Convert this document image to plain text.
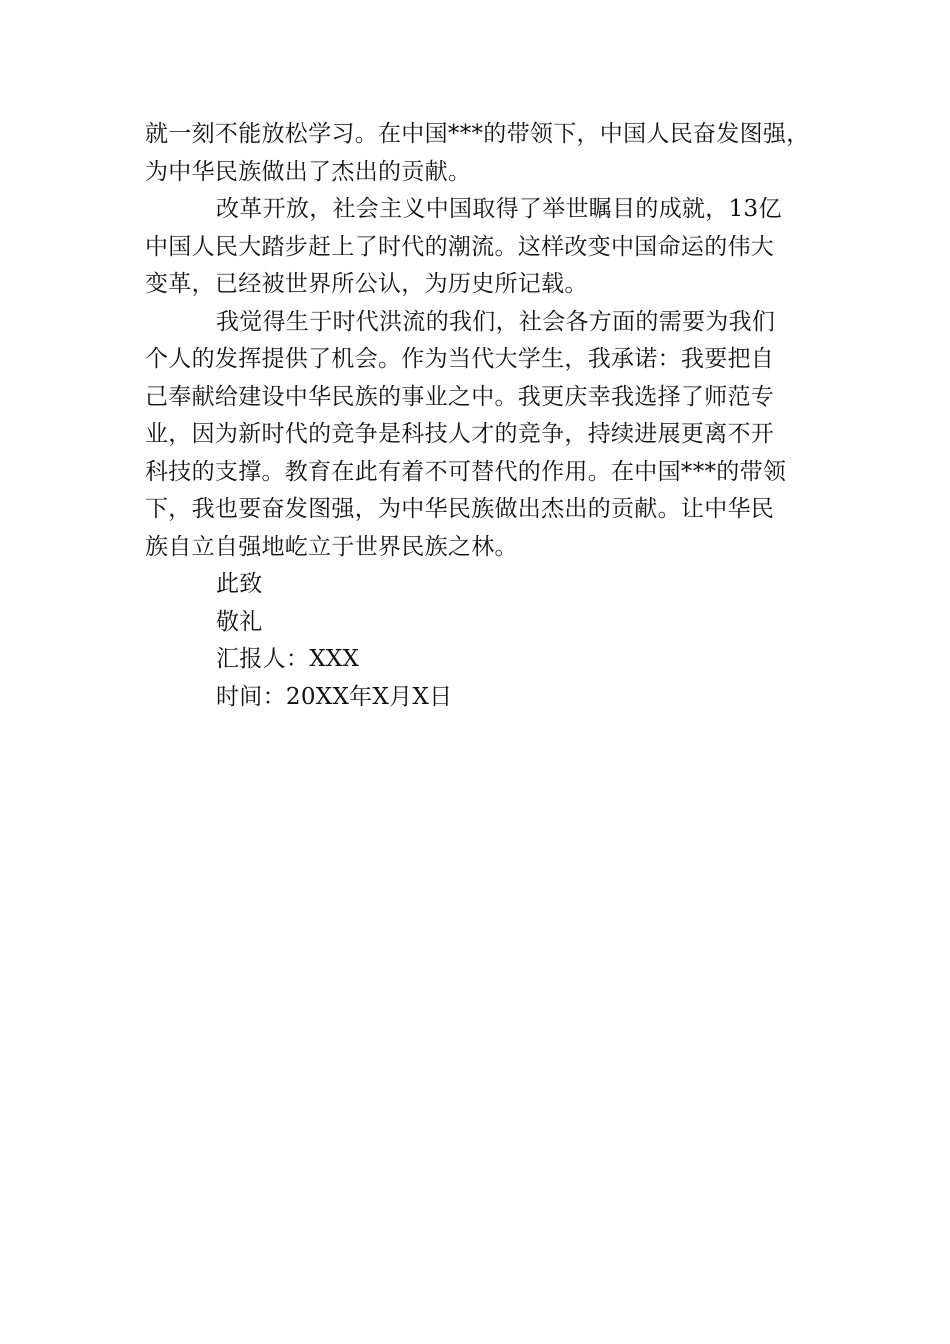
就一刻不能放松学习。在中国***的带领下，中国人民奋发图强，
为中华民族做出了杰出的贡献。
改革开放，社会主义中国取得了举世瞩目的成就，13亿
中国人民大踏步赶上了时代的潮流。这样改变中国命运的伟大
变革，已经被世界所公认，为历史所记载。
我觉得生于时代洪流的我们，社会各方面的需要为我们
个人的发挥提供了机会。作为当代大学生，我承诺：我要把自
己奉献给建设中华民族的事业之中。我更庆幸我选择了师范专
业，因为新时代的竞争是科技人才的竞争，持续进展更离不开
科技的支撑。教育在此有着不可替代的作用。在中国***的带领
下，我也要奋发图强，为中华民族做出杰出的贡献。让中华民
族自立自强地屹立于世界民族之林。
此致
敬礼
汇报人：XXX
时间：20XX年X月X日
